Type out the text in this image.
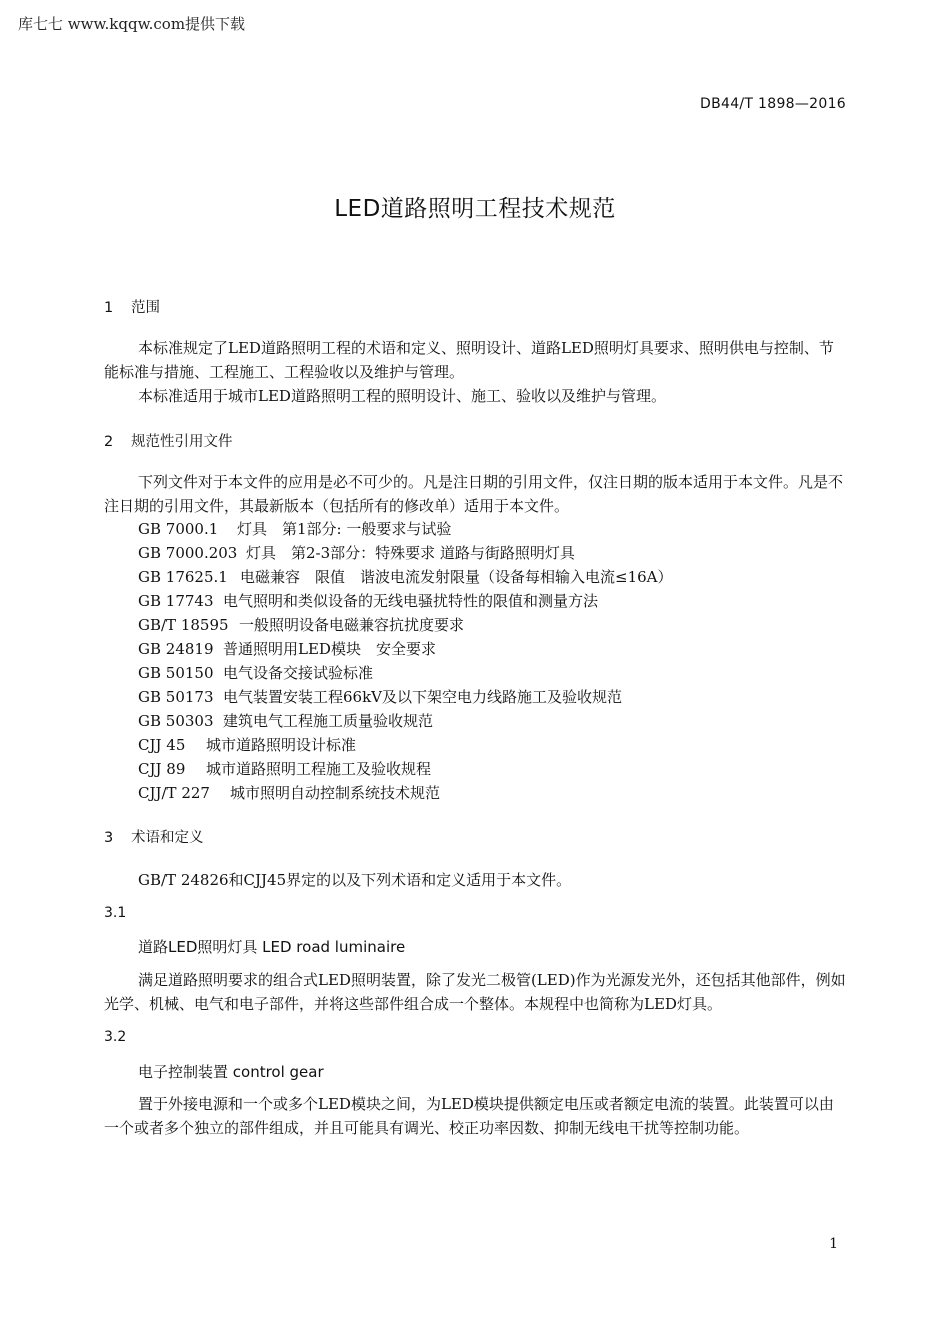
库七七 www.kqqw.com提供下载
DB44/T 1898—2016
LED道路照明工程技术规范
1 范围
本标准规定了LED道路照明工程的术语和定义、照明设计、道路LED照明灯具要求、照明供电与控制、节能标准与措施、工程施工、工程验收以及维护与管理。
本标准适用于城市LED道路照明工程的照明设计、施工、验收以及维护与管理。
2 规范性引用文件
下列文件对于本文件的应用是必不可少的。凡是注日期的引用文件，仅注日期的版本适用于本文件。凡是不注日期的引用文件，其最新版本（包括所有的修改单）适用于本文件。
GB 7000.1 灯具　第1部分: 一般要求与试验
GB 7000.203 灯具　第2-3部分：特殊要求 道路与街路照明灯具
GB 17625.1 电磁兼容　限值　谐波电流发射限量（设备每相输入电流≤16A）
GB 17743 电气照明和类似设备的无线电骚扰特性的限值和测量方法
GB/T 18595 一般照明设备电磁兼容抗扰度要求
GB 24819 普通照明用LED模块　安全要求
GB 50150 电气设备交接试验标准
GB 50173 电气装置安装工程66kV及以下架空电力线路施工及验收规范
GB 50303 建筑电气工程施工质量验收规范
CJJ 45 城市道路照明设计标准
CJJ 89 城市道路照明工程施工及验收规程
CJJ/T 227 城市照明自动控制系统技术规范
3 术语和定义
GB/T 24826和CJJ45界定的以及下列术语和定义适用于本文件。
3.1
道路LED照明灯具 LED road luminaire
满足道路照明要求的组合式LED照明装置，除了发光二极管(LED)作为光源发光外，还包括其他部件，例如光学、机械、电气和电子部件，并将这些部件组合成一个整体。本规程中也简称为LED灯具。
3.2
电子控制装置 control gear
置于外接电源和一个或多个LED模块之间，为LED模块提供额定电压或者额定电流的装置。此装置可以由一个或者多个独立的部件组成，并且可能具有调光、校正功率因数、抑制无线电干扰等控制功能。
1
